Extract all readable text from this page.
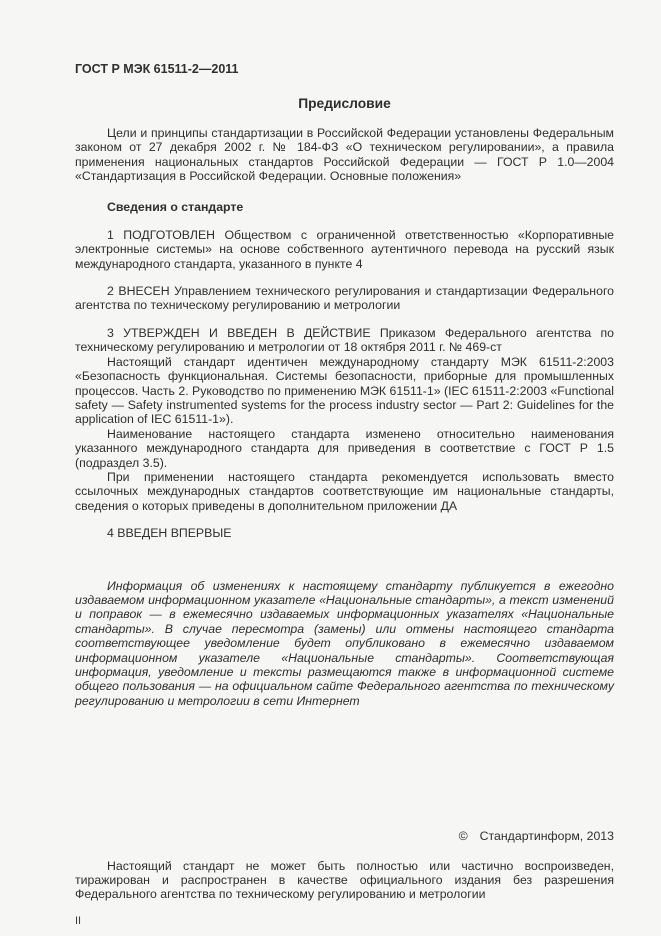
ГОСТ Р МЭК 61511-2—2011
Предисловие

Цели и принципы стандартизации в Российской Федерации установлены Федеральным законом от 27 декабря 2002 г. № 184-ФЗ «О техническом регулировании», а правила применения национальных стандартов Российской Федерации — ГОСТ Р 1.0—2004 «Стандартизация в Российской Федерации. Основные положения»

Сведения о стандарте

1 ПОДГОТОВЛЕН Обществом с ограниченной ответственностью «Корпоративные электронные системы» на основе собственного аутентичного перевода на русский язык международного стандарта, указанного в пункте 4

2 ВНЕСЕН Управлением технического регулирования и стандартизации Федерального агентства по техническому регулированию и метрологии

3 УТВЕРЖДЕН И ВВЕДЕН В ДЕЙСТВИЕ Приказом Федерального агентства по техническому регулированию и метрологии от 18 октября 2011 г. № 469-ст

Настоящий стандарт идентичен международному стандарту МЭК 61511-2:2003 «Безопасность функциональная. Системы безопасности, приборные для промышленных процессов. Часть 2. Руководство по применению МЭК 61511-1» (IEC 61511-2:2003 «Functional safety — Safety instrumented systems for the process industry sector — Part 2: Guidelines for the application of IEC 61511-1»).

Наименование настоящего стандарта изменено относительно наименования указанного международного стандарта для приведения в соответствие с ГОСТ Р 1.5 (подраздел 3.5).

При применении настоящего стандарта рекомендуется использовать вместо ссылочных международных стандартов соответствующие им национальные стандарты, сведения о которых приведены в дополнительном приложении ДА

4 ВВЕДЕН ВПЕРВЫЕ

Информация об изменениях к настоящему стандарту публикуется в ежегодно издаваемом информационном указателе «Национальные стандарты», а текст изменений и поправок — в ежемесячно издаваемых информационных указателях «Национальные стандарты». В случае пересмотра (замены) или отмены настоящего стандарта соответствующее уведомление будет опубликовано в ежемесячно издаваемом информационном указателе «Национальные стандарты». Соответствующая информация, уведомление и тексты размещаются также в информационной системе общего пользования — на официальном сайте Федерального агентства по техническому регулированию и метрологии в сети Интернет

© Стандартинформ, 2013

Настоящий стандарт не может быть полностью или частично воспроизведен, тиражирован и распространен в качестве официального издания без разрешения Федерального агентства по техническому регулированию и метрологии

II
